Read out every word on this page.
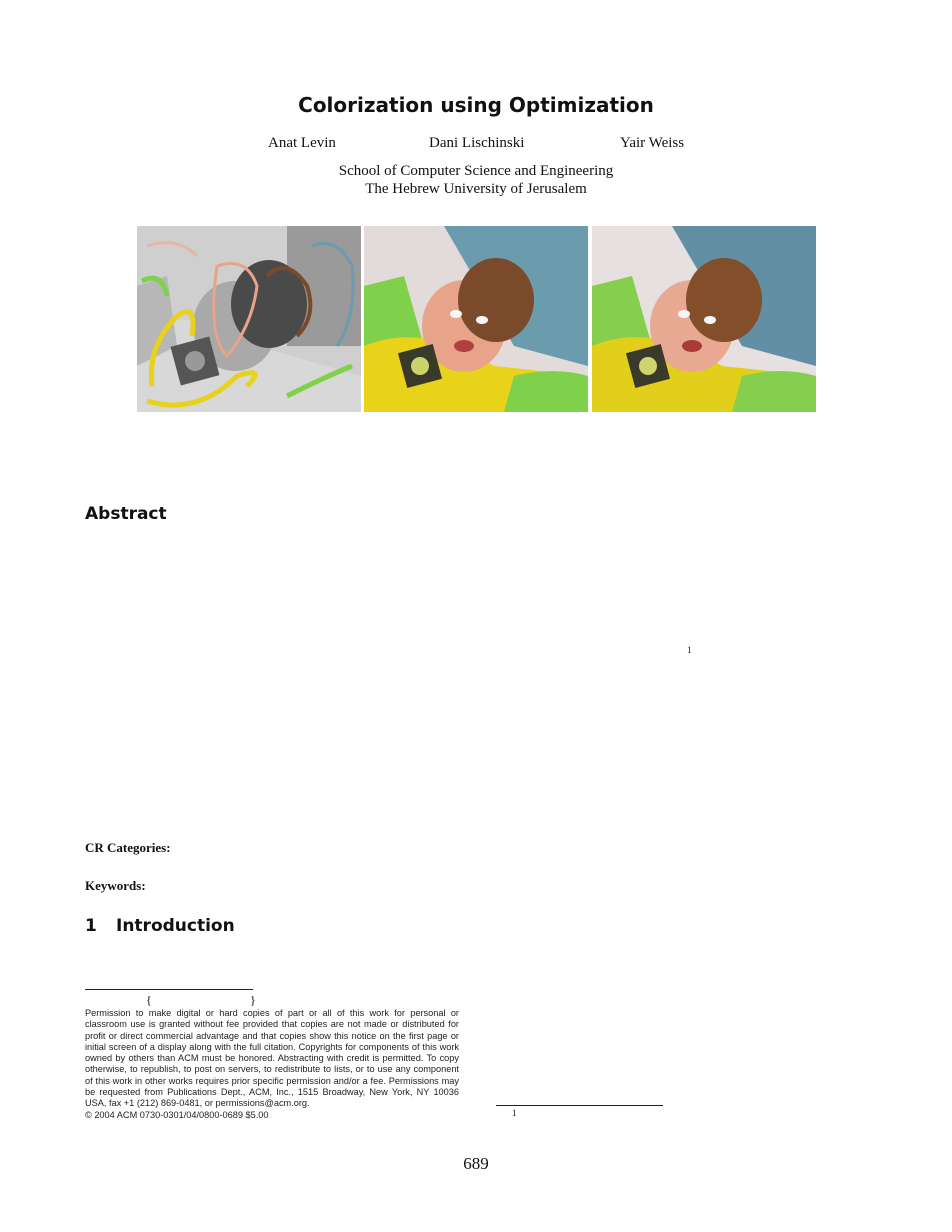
Colorization using Optimization
Anat Levin	Dani Lischinski	Yair Weiss
School of Computer Science and Engineering
The Hebrew University of Jerusalem
Abstract
1
CR Categories:
Keywords:
1 Introduction
{	}

Permission to make digital or hard copies of part or all of this work for personal or classroom use is granted without fee provided that copies are not made or distributed for profit or direct commercial advantage and that copies show this notice on the first page or initial screen of a display along with the full citation. Copyrights for components of this work owned by others than ACM must be honored. Abstracting with credit is permitted. To copy otherwise, to republish, to post on servers, to redistribute to lists, or to use any component of this work in other works requires prior specific permission and/or a fee. Permissions may be requested from Publications Dept., ACM, Inc., 1515 Broadway, New York, NY 10036 USA, fax +1 (212) 869-0481, or permissions@acm.org.

© 2004 ACM 0730-0301/04/0800-0689 $5.00	1
689
